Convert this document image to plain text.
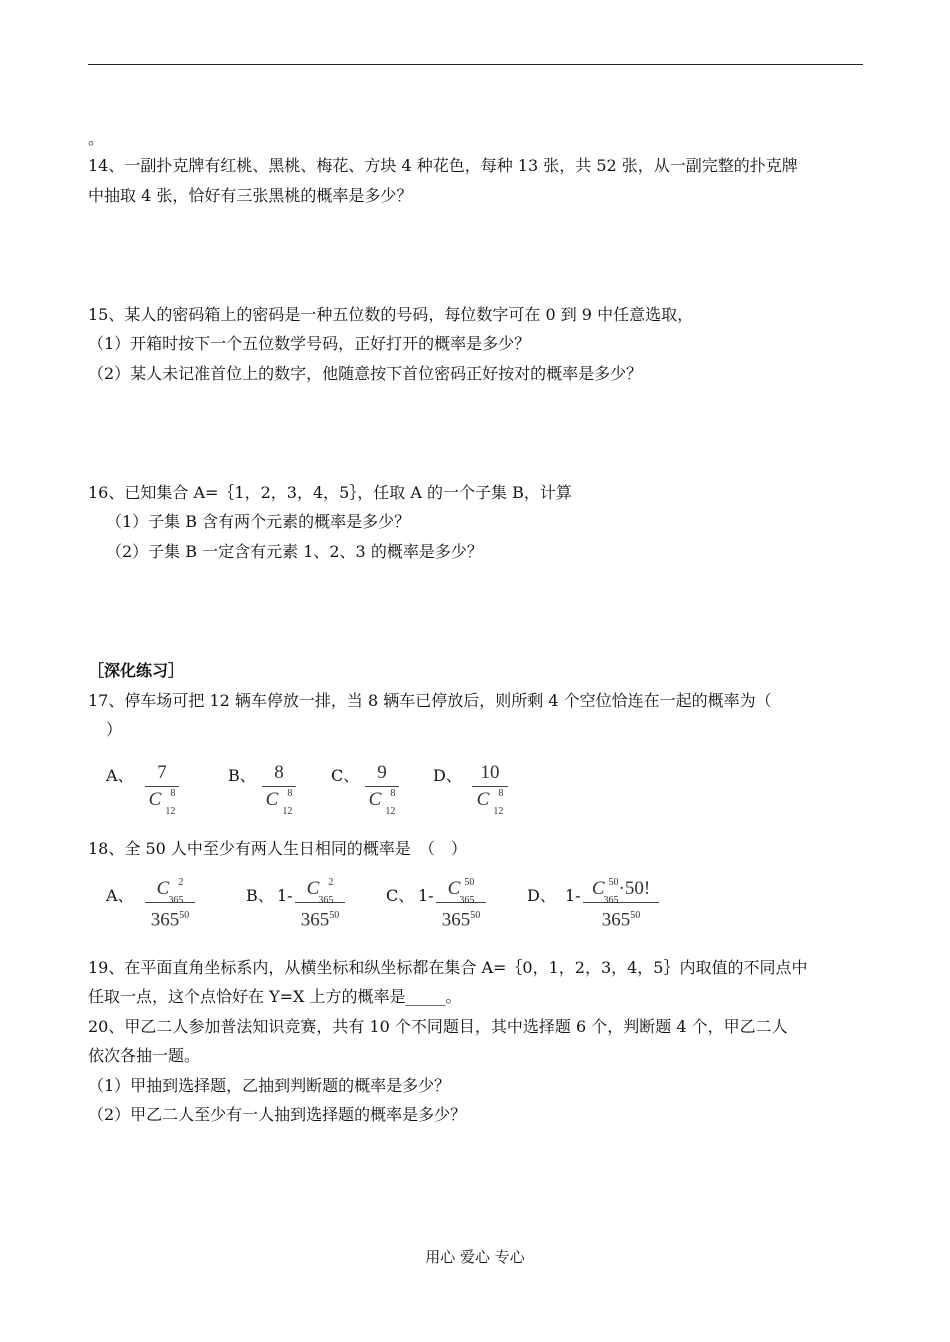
。
14、一副扑克牌有红桃、黑桃、梅花、方块 4 种花色，每种 13 张，共 52 张，从一副完整的扑克牌
中抽取 4 张，恰好有三张黑桃的概率是多少？
15、某人的密码箱上的密码是一种五位数的号码，每位数字可在 0 到 9 中任意选取，
（1）开箱时按下一个五位数学号码，正好打开的概率是多少？
（2）某人未记准首位上的数字，他随意按下首位密码正好按对的概率是多少？
16、已知集合 A=｛1，2，3，4，5｝，任取 A 的一个子集 B，计算
（1）子集 B 含有两个元素的概率是多少？
（2）子集 B 一定含有元素 1、2、3 的概率是多少？
［深化练习］
17、停车场可把 12 辆车停放一排，当 8 辆车已停放后，则所剩 4 个空位恰连在一起的概率为（
）
A、	7
C 8
12
B、 8
C 8
12
C、 9
C 8
12
D、 10
C 8
12
18、全 50 人中至少有两人生日相同的概率是　（　）
A、	C 2
365
$365^{50}$
B、 1- C 2
365
$365^{50}$
C、 1- C 50
365
$365^{50}$
D、 1- C 50
365
·50!
$365^{50}$
19、在平面直角坐标系内，从横坐标和纵坐标都在集合 A=｛0，1，2，3，4，5｝内取值的不同点中
任取一点，这个点恰好在 Y=X 上方的概率是_____。
20、甲乙二人参加普法知识竞赛，共有 10 个不同题目，其中选择题 6 个，判断题 4 个，甲乙二人
依次各抽一题。
（1）甲抽到选择题，乙抽到判断题的概率是多少？
（2）甲乙二人至少有一人抽到选择题的概率是多少？
用心 爱心 专心
